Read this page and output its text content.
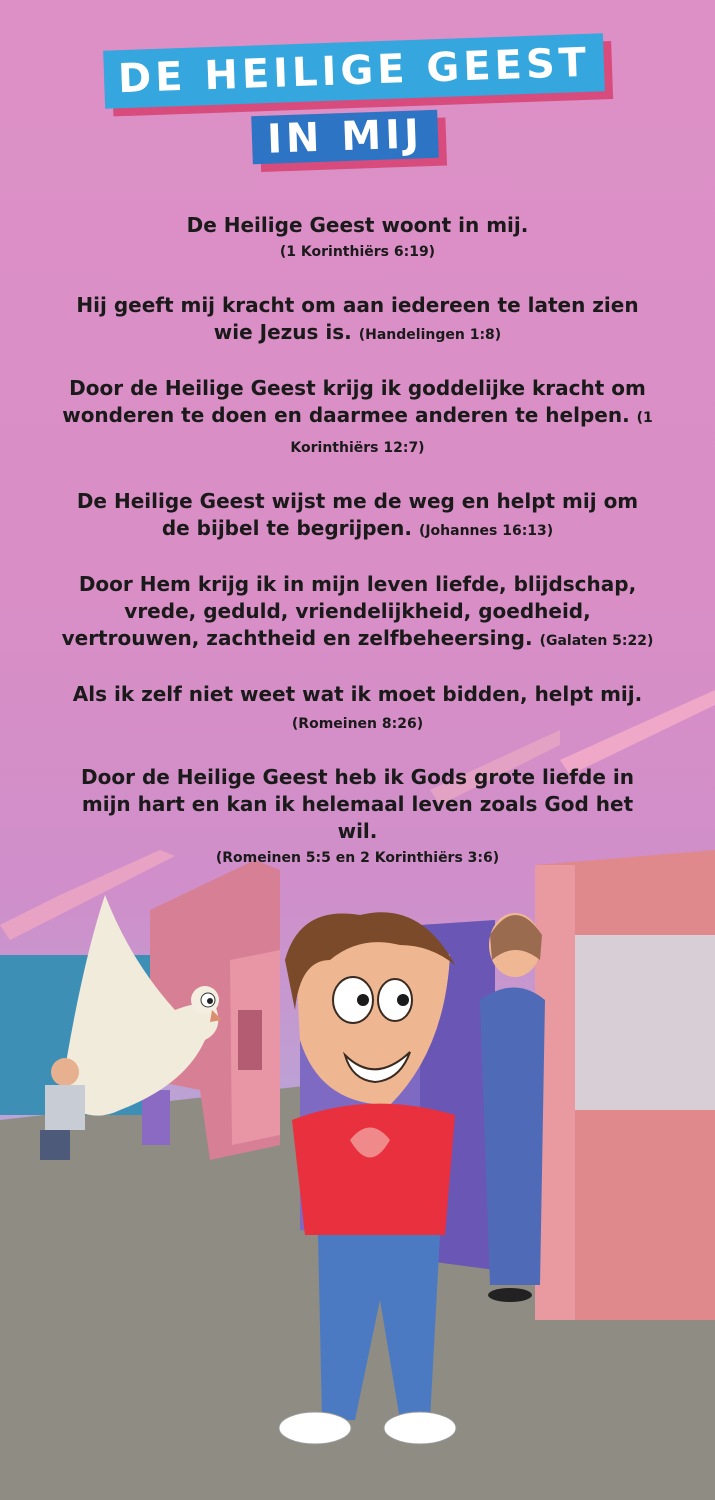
DE HEILIGE GEEST
IN MIJ
De Heilige Geest woont in mij.
(1 Korinthiërs 6:19)
Hij geeft mij kracht om aan iedereen te laten zien wie Jezus is. (Handelingen 1:8)
Door de Heilige Geest krijg ik goddelijke kracht om wonderen te doen en daarmee anderen te helpen. (1 Korinthiërs 12:7)
De Heilige Geest wijst me de weg en helpt mij om de bijbel te begrijpen. (Johannes 16:13)
Door Hem krijg ik in mijn leven liefde, blijdschap, vrede, geduld, vriendelijkheid, goedheid, vertrouwen, zachtheid en zelfbeheersing. (Galaten 5:22)
Als ik zelf niet weet wat ik moet bidden, helpt mij. (Romeinen 8:26)
Door de Heilige Geest heb ik Gods grote liefde in mijn hart en kan ik helemaal leven zoals God het wil.
(Romeinen 5:5 en 2 Korinthiërs 3:6)
